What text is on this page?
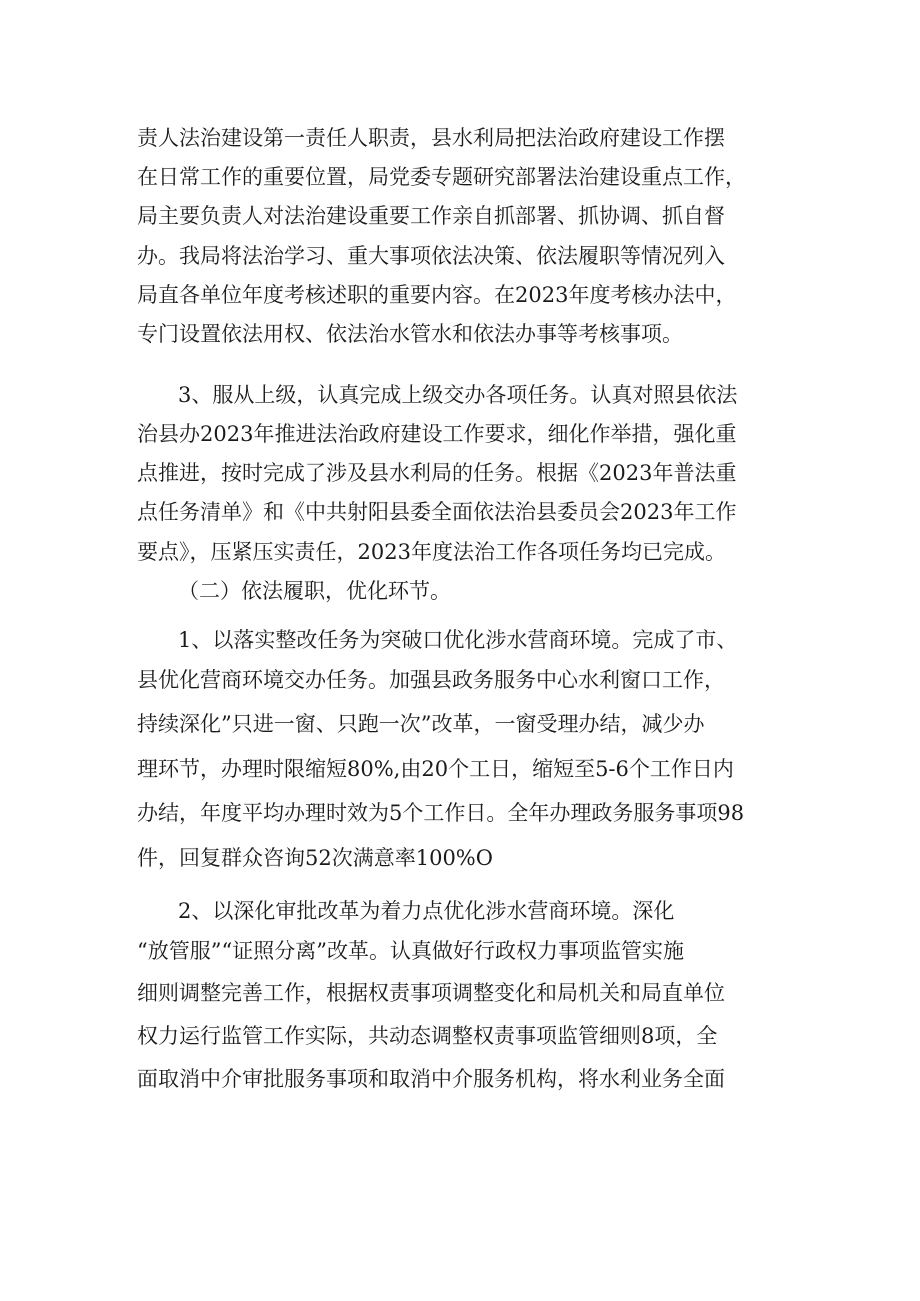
责人法治建设第一责任人职责，县水利局把法治政府建设工作摆
在日常工作的重要位置，局党委专题研究部署法治建设重点工作，
局主要负责人对法治建设重要工作亲自抓部署、抓协调、抓自督
办。我局将法治学习、重大事项依法决策、依法履职等情况列入
局直各单位年度考核述职的重要内容。在2023年度考核办法中，
专门设置依法用权、依法治水管水和依法办事等考核事项。
3、服从上级，认真完成上级交办各项任务。认真对照县依法
治县办2023年推进法治政府建设工作要求，细化作举措，强化重
点推进，按时完成了涉及县水利局的任务。根据《2023年普法重
点任务清单》和《中共射阳县委全面依法治县委员会2023年工作
要点》，压紧压实责任，2023年度法治工作各项任务均已完成。
（二）依法履职，优化环节。
1、以落实整改任务为突破口优化涉水营商环境。完成了市、
县优化营商环境交办任务。加强县政务服务中心水利窗口工作，
持续深化”只进一窗、只跑一次”改革，一窗受理办结，减少办
理环节，办理时限缩短80%,由20个工日，缩短至5-6个工作日内
办结，年度平均办理时效为5个工作日。全年办理政务服务事项98
件，回复群众咨询52次满意率100%O
2、以深化审批改革为着力点优化涉水营商环境。深化
“放管服”“证照分离”改革。认真做好行政权力事项监管实施
细则调整完善工作，根据权责事项调整变化和局机关和局直单位
权力运行监管工作实际，共动态调整权责事项监管细则8项，全
面取消中介审批服务事项和取消中介服务机构，将水利业务全面
